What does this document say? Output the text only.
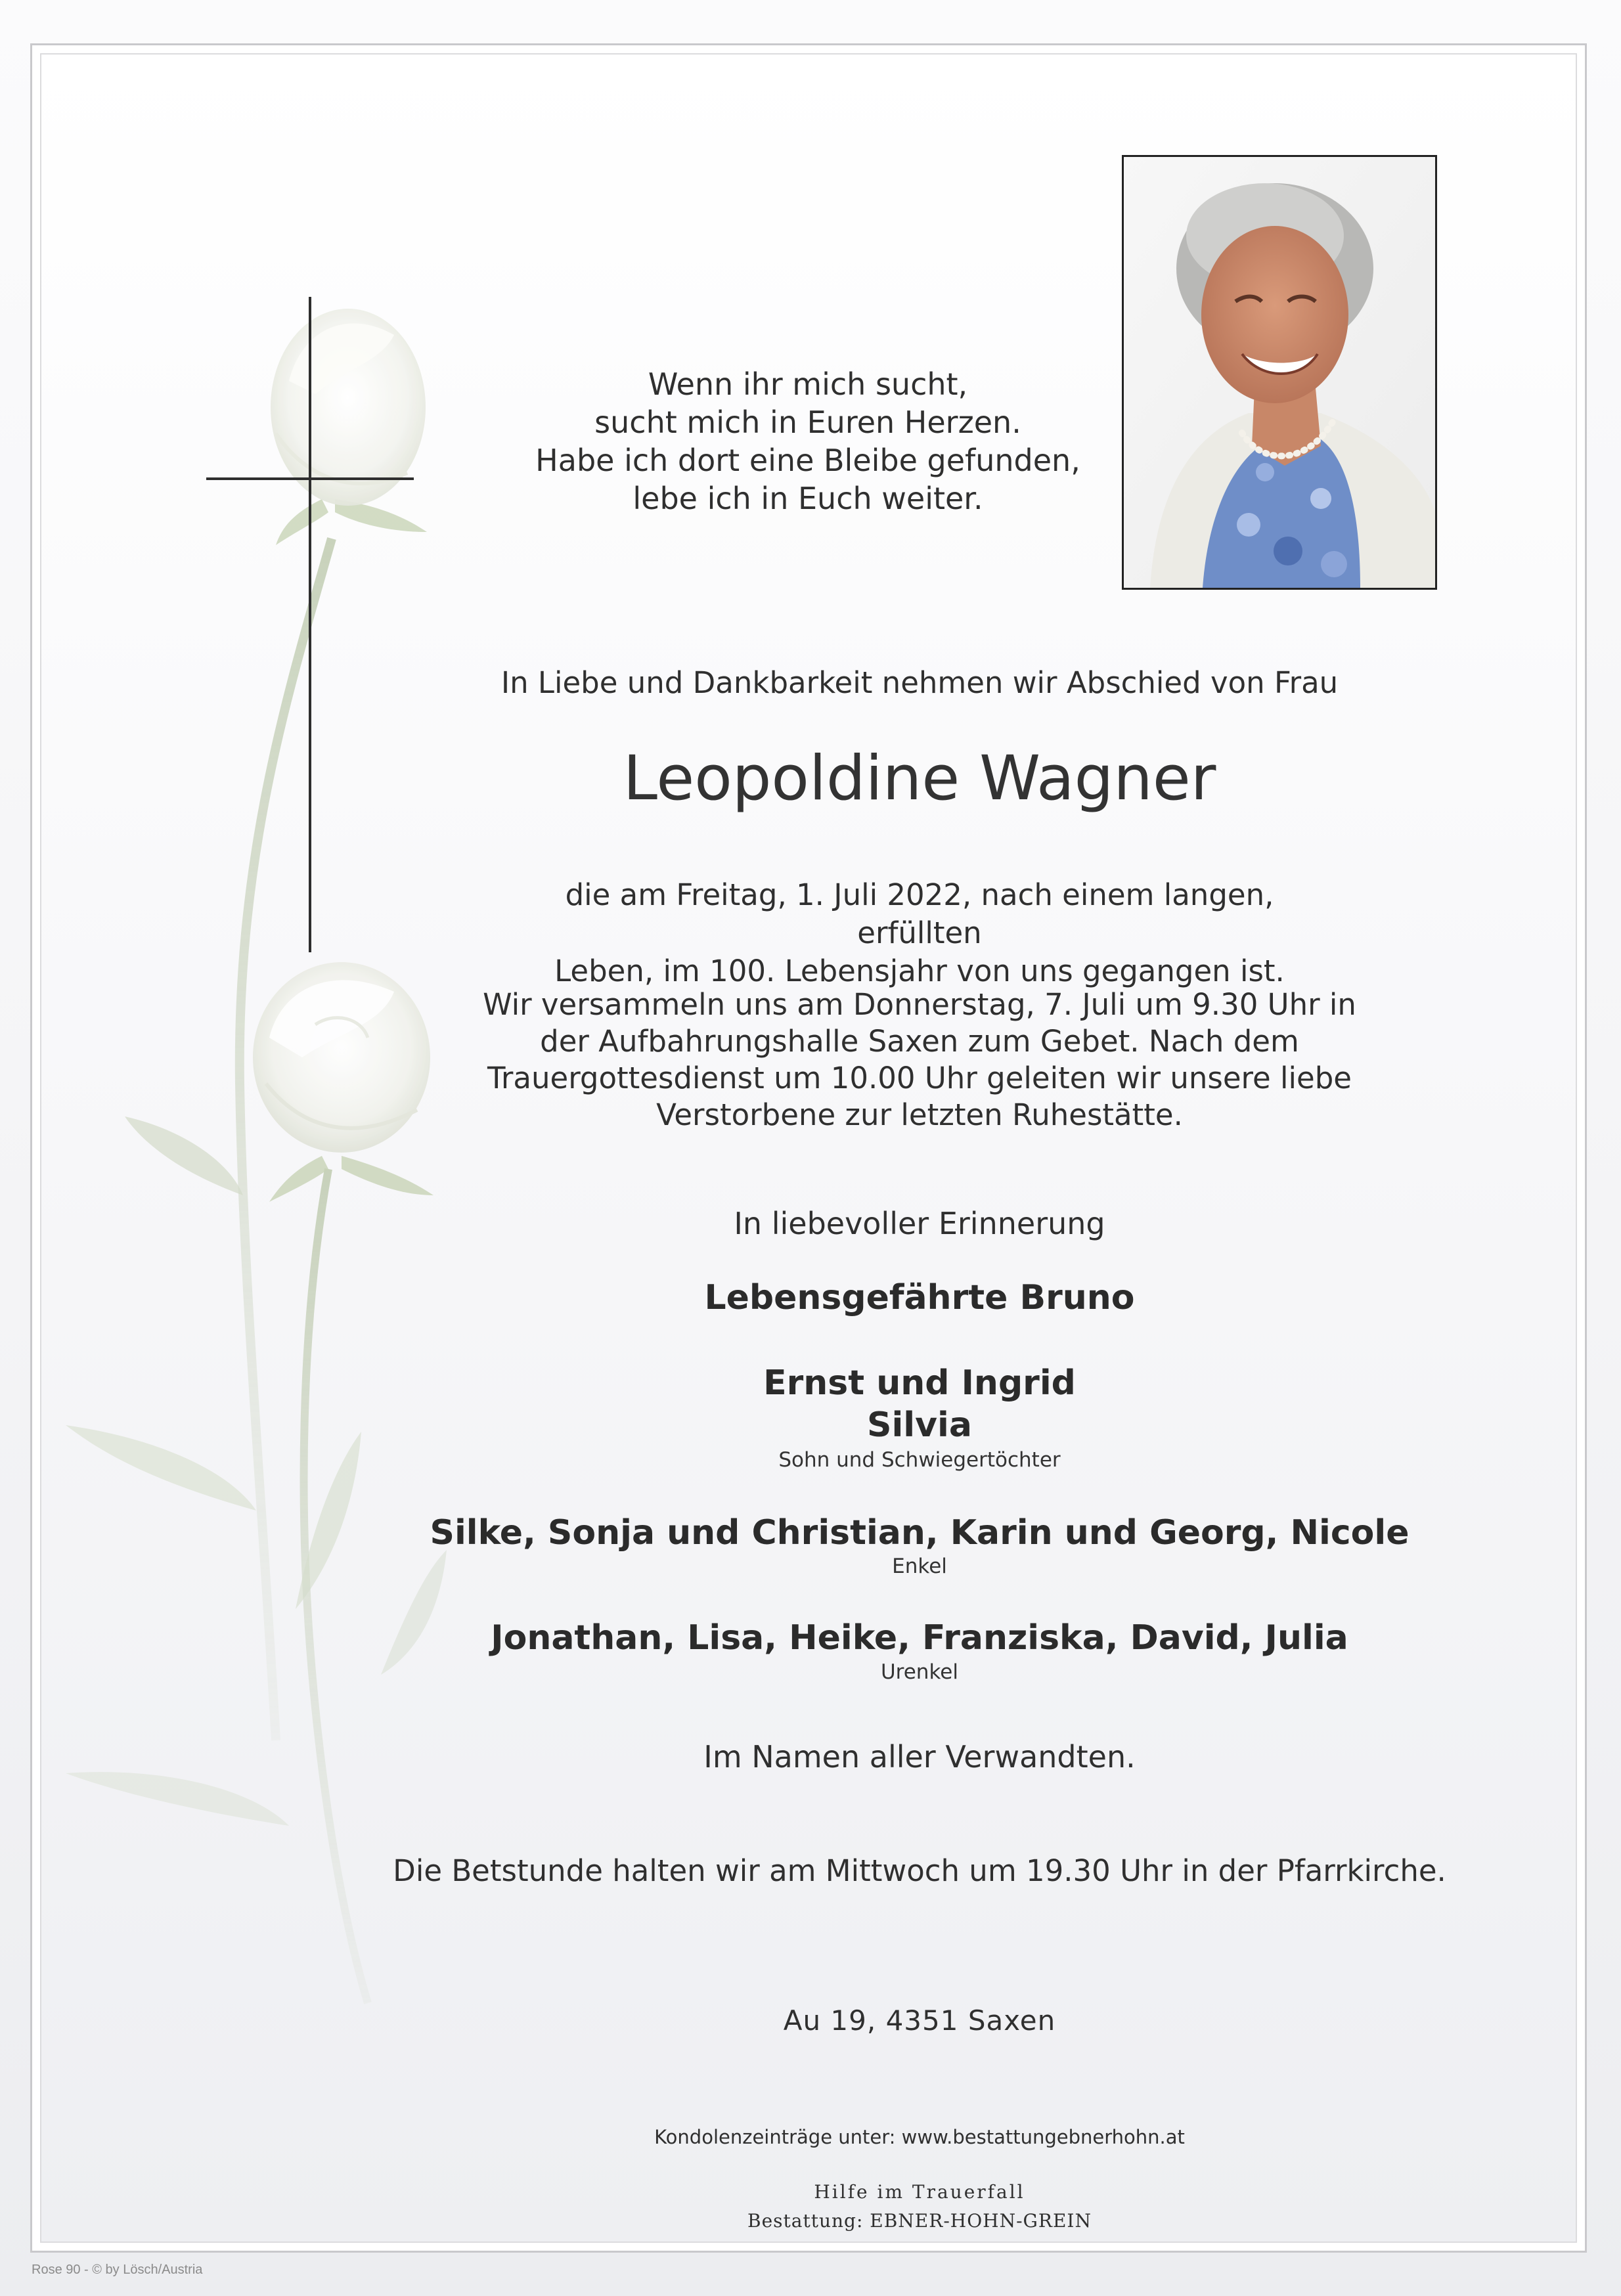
Wenn ihr mich sucht,
sucht mich in Euren Herzen.
Habe ich dort eine Bleibe gefunden,
lebe ich in Euch weiter.
In Liebe und Dankbarkeit nehmen wir Abschied von Frau
Leopoldine Wagner
die am Freitag, 1. Juli 2022, nach einem langen, erfüllten
Leben, im 100. Lebensjahr von uns gegangen ist.
Wir versammeln uns am Donnerstag, 7. Juli um 9.30 Uhr in
der Aufbahrungshalle Saxen zum Gebet. Nach dem
Trauergottesdienst um 10.00 Uhr geleiten wir unsere liebe
Verstorbene zur letzten Ruhestätte.
In liebevoller Erinnerung
Lebensgefährte Bruno
Ernst und Ingrid
Silvia
Sohn und Schwiegertöchter
Silke, Sonja und Christian, Karin und Georg, Nicole
Enkel
Jonathan, Lisa, Heike, Franziska, David, Julia
Urenkel
Im Namen aller Verwandten.
Die Betstunde halten wir am Mittwoch um 19.30 Uhr in der Pfarrkirche.
Au 19, 4351 Saxen
Kondolenzeinträge unter: www.bestattungebnerhohn.at
Hilfe im Trauerfall
Bestattung: EBNER-HOHN-GREIN
Rose 90 - © by Lösch/Austria
